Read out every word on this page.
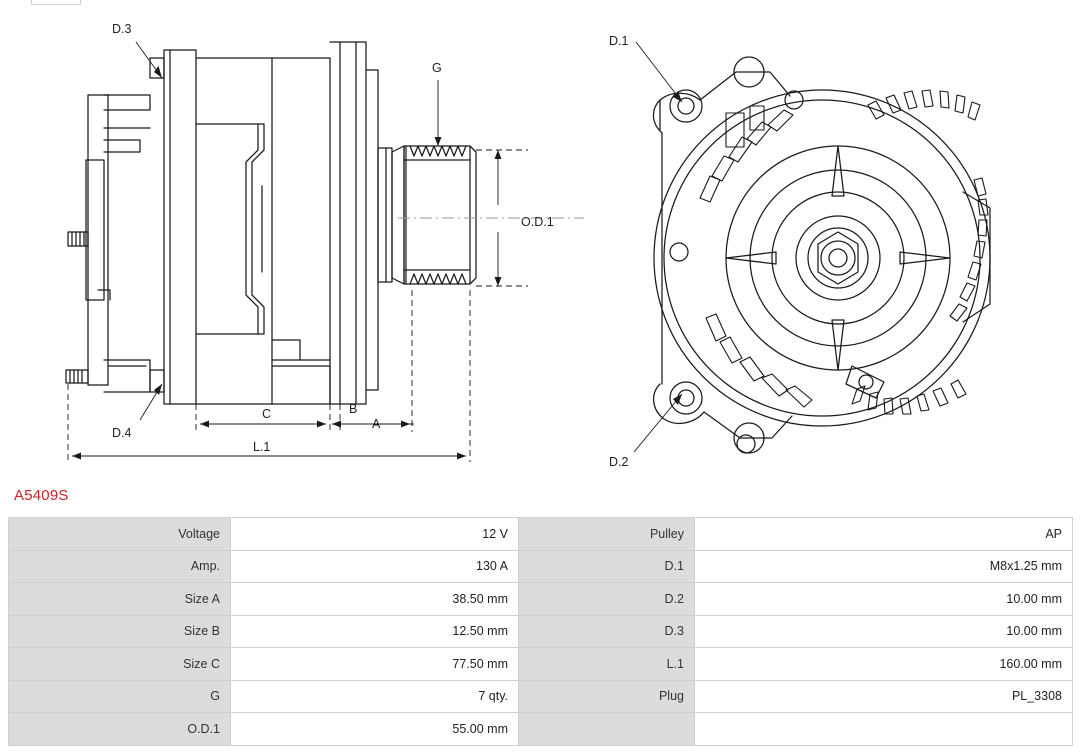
D.3
D.4
G
O.D.1
A
B
C
L.1
D.1
D.2
A5409S
Voltage	12 V	Pulley	AP
Amp.	130 A	D.1	M8x1.25 mm
Size A	38.50 mm	D.2	10.00 mm
Size B	12.50 mm	D.3	10.00 mm
Size C	77.50 mm	L.1	160.00 mm
G	7 qty.	Plug	PL_3308
O.D.1	55.00 mm		
